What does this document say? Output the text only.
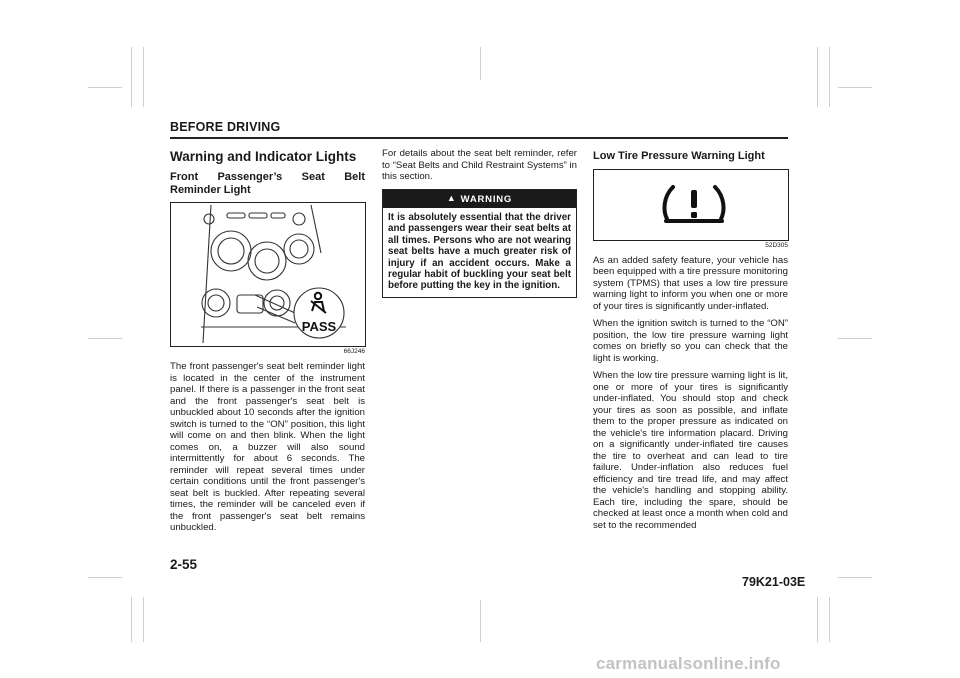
BEFORE DRIVING
Warning and Indicator Lights
Front Passenger’s Seat Belt Reminder Light
PASS
66J246

The front passenger's seat belt reminder light is located in the center of the instrument panel. If there is a passenger in the front seat and the front passenger's seat belt is unbuckled about 10 seconds after the ignition switch is turned to the “ON” position, this light will come on and then blink. When the light comes on, a buzzer will also sound intermittently for about 6 seconds. The reminder will repeat several times under certain conditions until the front passenger's seat belt is buckled. After repeating several times, the reminder will be canceled even if the front passenger's seat belt remains unbuckled.

For details about the seat belt reminder, refer to “Seat Belts and Child Restraint Systems” in this section.

▲ WARNING
It is absolutely essential that the driver and passengers wear their seat belts at all times. Persons who are not wearing seat belts have a much greater risk of injury if an accident occurs. Make a regular habit of buckling your seat belt before putting the key in the ignition.
Low Tire Pressure Warning Light
52D305

As an added safety feature, your vehicle has been equipped with a tire pressure monitoring system (TPMS) that uses a low tire pressure warning light to inform you when one or more of your tires is significantly under-inflated.

When the ignition switch is turned to the “ON” position, the low tire pressure warning light comes on briefly so you can check that the light is working.

When the low tire pressure warning light is lit, one or more of your tires is significantly under-inflated. You should stop and check your tires as soon as possible, and inflate them to the proper pressure as indicated on the vehicle's tire information placard. Driving on a significantly under-inflated tire causes the tire to overheat and can lead to tire failure. Under-inflation also reduces fuel efficiency and tire tread life, and may affect the vehicle's handling and stopping ability. Each tire, including the spare, should be checked at least once a month when cold and set to the recommended

2-55
79K21-03E
carmanualsonline.info
